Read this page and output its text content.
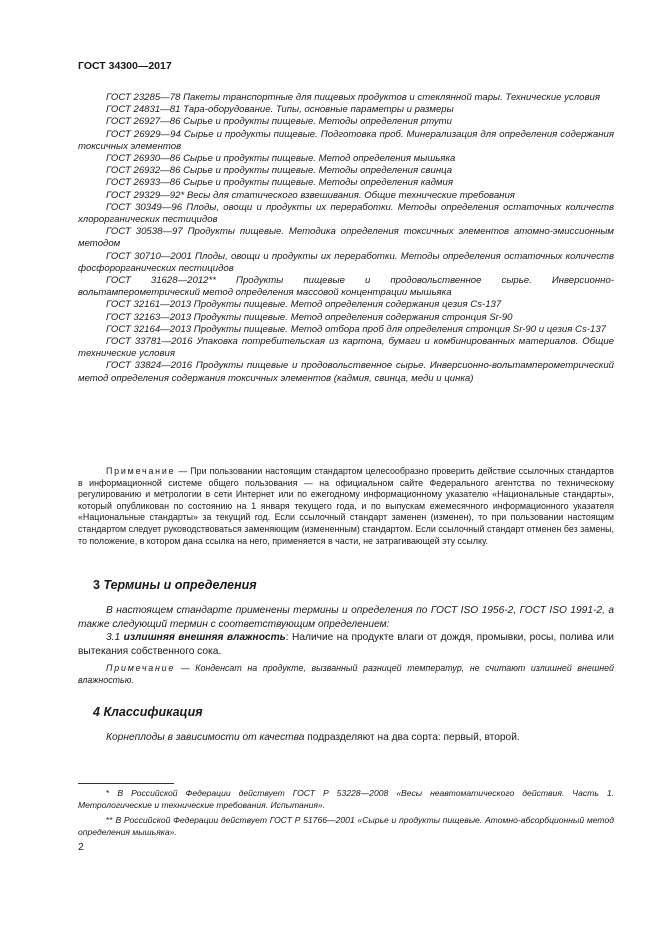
ГОСТ 34300—2017

ГОСТ 23285—78 Пакеты транспортные для пищевых продуктов и стеклянной тары. Технические условия

ГОСТ 24831—81 Тара-оборудование. Типы, основные параметры и размеры

ГОСТ 26927—86 Сырье и продукты пищевые. Методы определения ртути

ГОСТ 26929—94 Сырье и продукты пищевые. Подготовка проб. Минерализация для определения содержания токсичных элементов

ГОСТ 26930—86 Сырье и продукты пищевые. Метод определения мышьяка

ГОСТ 26932—86 Сырье и продукты пищевые. Методы определения свинца

ГОСТ 26933—86 Сырье и продукты пищевые. Методы определения кадмия

ГОСТ 29329—92* Весы для статического взвешивания. Общие технические требования

ГОСТ 30349—96 Плоды, овощи и продукты их переработки. Методы определения остаточных количеств хлорорганических пестицидов

ГОСТ 30538—97 Продукты пищевые. Методика определения токсичных элементов атомно-эмиссионным методом

ГОСТ 30710—2001 Плоды, овощи и продукты их переработки. Методы определения остаточных количеств фосфорорганических пестицидов

ГОСТ 31628—2012** Продукты пищевые и продовольственное сырье. Инверсионно-вольтамперометрический метод определения массовой концентрации мышьяка

ГОСТ 32161—2013 Продукты пищевые. Метод определения содержания цезия Cs-137

ГОСТ 32163—2013 Продукты пищевые. Метод определения содержания стронция Sr-90

ГОСТ 32164—2013 Продукты пищевые. Метод отбора проб для определения стронция Sr-90 и цезия Cs-137

ГОСТ 33781—2016 Упаковка потребительская из картона, бумаги и комбинированных материалов. Общие технические условия

ГОСТ 33824—2016 Продукты пищевые и продовольственное сырье. Инверсионно-вольтамперометрический метод определения содержания токсичных элементов (кадмия, свинца, меди и цинка)

Примечание — При пользовании настоящим стандартом целесообразно проверить действие ссылочных стандартов в информационной системе общего пользования — на официальном сайте Федерального агентства по техническому регулированию и метрологии в сети Интернет или по ежегодному информационному указателю «Национальные стандарты», который опубликован по состоянию на 1 января текущего года, и по выпускам ежемесячного информационного указателя «Национальные стандарты» за текущий год. Если ссылочный стандарт заменен (изменен), то при пользовании настоящим стандартом следует руководствоваться заменяющим (измененным) стандартом. Если ссылочный стандарт отменен без замены, то положение, в котором дана ссылка на него, применяется в части, не затрагивающей эту ссылку.

3 Термины и определения

В настоящем стандарте применены термины и определения по ГОСТ ISO 1956-2, ГОСТ ISO 1991-2, а также следующий термин с соответствующим определением:

3.1 излишняя внешняя влажность: Наличие на продукте влаги от дождя, промывки, росы, полива или вытекания собственного сока.

Примечание — Конденсат на продукте, вызванный разницей температур, не считают излишней внешней влажностью.

4 Классификация

Корнеплоды в зависимости от качества подразделяют на два сорта: первый, второй.

* В Российской Федерации действует ГОСТ Р 53228—2008 «Весы неавтоматического действия. Часть 1. Метрологические и технические требования. Испытания».

** В Российской Федерации действует ГОСТ Р 51766—2001 «Сырье и продукты пищевые. Атомно-абсорбционный метод определения мышьяка».

2
